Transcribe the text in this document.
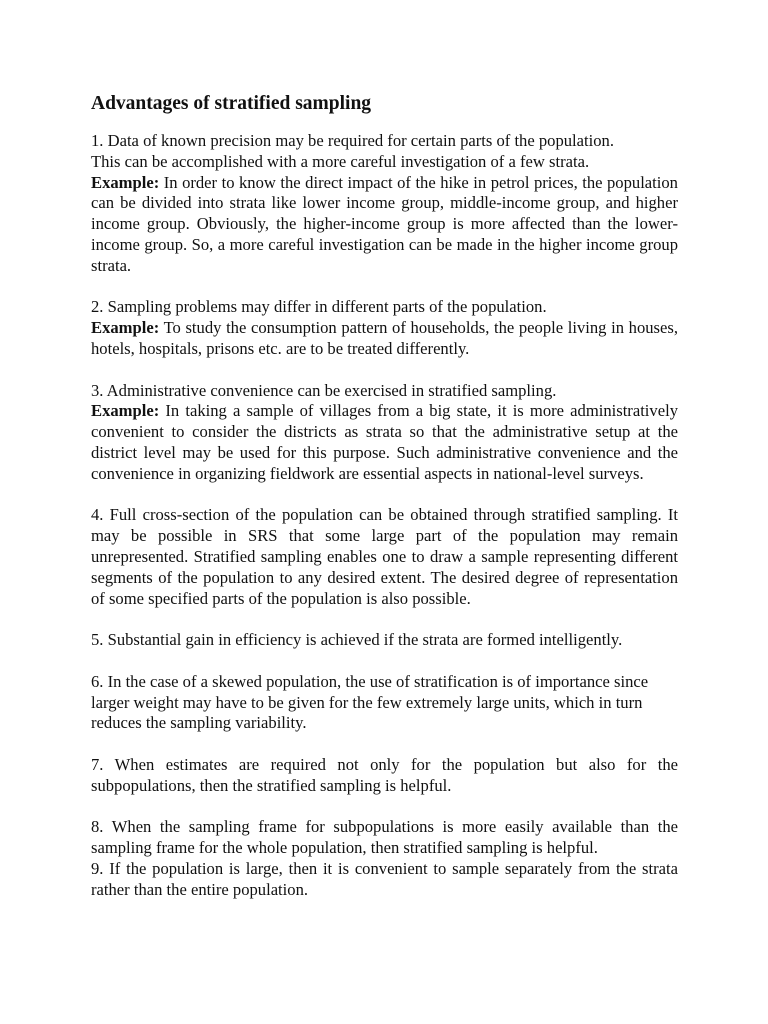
Advantages of stratified sampling
1. Data of known precision may be required for certain parts of the population.
This can be accomplished with a more careful investigation of a few strata.
Example: In order to know the direct impact of the hike in petrol prices, the population can be divided into strata like lower income group, middle-income group, and higher income group. Obviously, the higher-income group is more affected than the lower-income group. So, a more careful investigation can be made in the higher income group strata.
2. Sampling problems may differ in different parts of the population.
Example: To study the consumption pattern of households, the people living in houses, hotels, hospitals, prisons etc. are to be treated differently.
3. Administrative convenience can be exercised in stratified sampling.
Example: In taking a sample of villages from a big state, it is more administratively convenient to consider the districts as strata so that the administrative setup at the district level may be used for this purpose. Such administrative convenience and the convenience in organizing fieldwork are essential aspects in national-level surveys.
4. Full cross-section of the population can be obtained through stratified sampling. It may be possible in SRS that some large part of the population may remain unrepresented. Stratified sampling enables one to draw a sample representing different segments of the population to any desired extent. The desired degree of representation of some specified parts of the population is also possible.
5. Substantial gain in efficiency is achieved if the strata are formed intelligently.
6. In the case of a skewed population, the use of stratification is of importance since larger weight may have to be given for the few extremely large units, which in turn reduces the sampling variability.
7. When estimates are required not only for the population but also for the subpopulations, then the stratified sampling is helpful.
8. When the sampling frame for subpopulations is more easily available than the sampling frame for the whole population, then stratified sampling is helpful.
9. If the population is large, then it is convenient to sample separately from the strata rather than the entire population.
